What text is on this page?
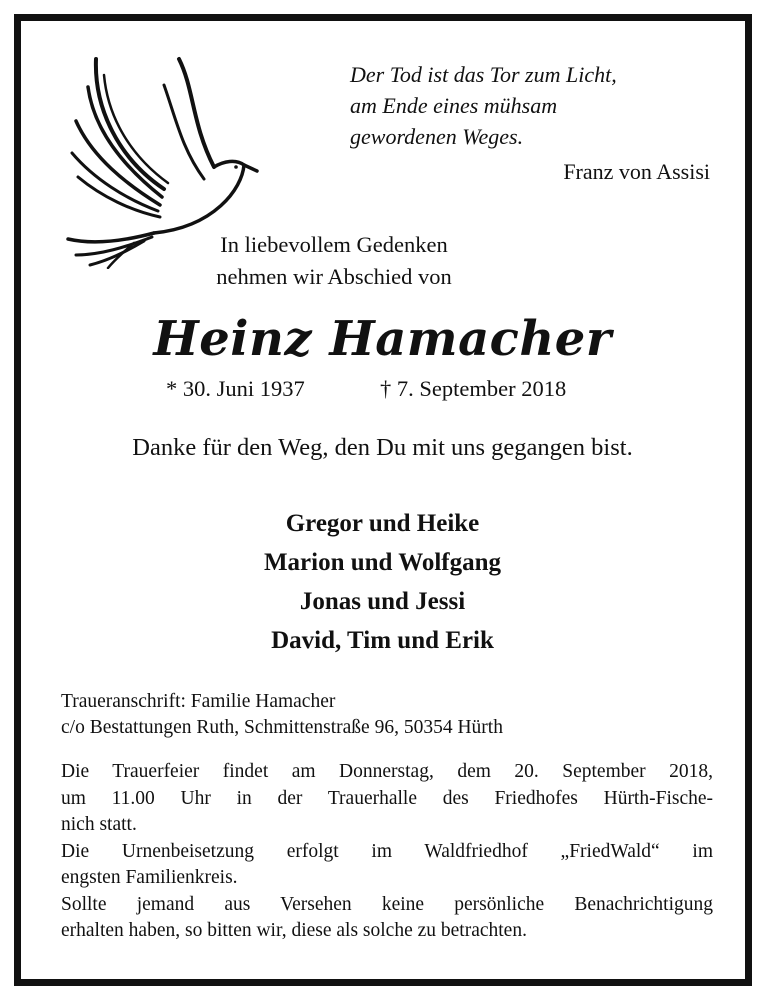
Der Tod ist das Tor zum Licht,
am Ende eines mühsam
gewordenen Weges.
Franz von Assisi
In liebevollem Gedenken
nehmen wir Abschied von
Heinz Hamacher
* 30. Juni 1937	† 7. September 2018
Danke für den Weg, den Du mit uns gegangen bist.
Gregor und Heike
Marion und Wolfgang
Jonas und Jessi
David, Tim und Erik
Traueranschrift: Familie Hamacher
c/o Bestattungen Ruth, Schmittenstraße 96, 50354 Hürth
Die Trauerfeier findet am Donnerstag, dem 20. September 2018,
um 11.00 Uhr in der Trauerhalle des Friedhofes Hürth-Fische-
nich statt.
Die Urnenbeisetzung erfolgt im Waldfriedhof „FriedWald“ im
engsten Familienkreis.
Sollte jemand aus Versehen keine persönliche Benachrichtigung
erhalten haben, so bitten wir, diese als solche zu betrachten.
